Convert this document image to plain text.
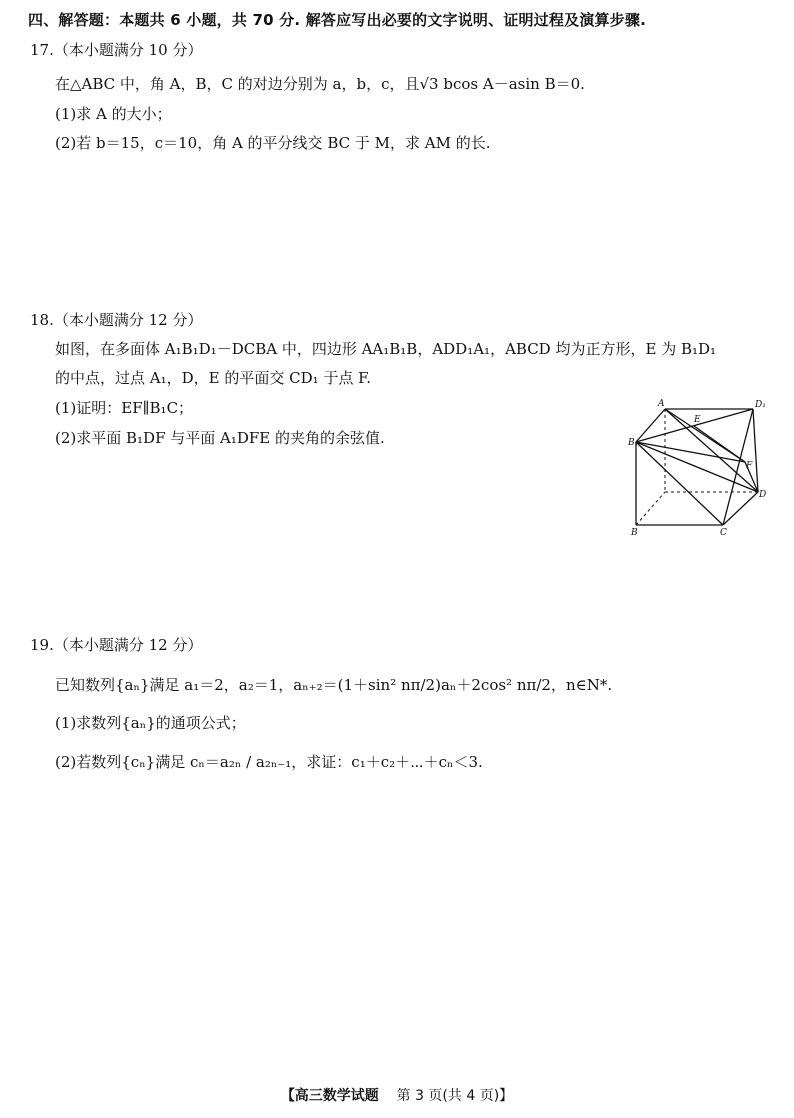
四、解答题：本题共 6 小题，共 70 分. 解答应写出必要的文字说明、证明过程及演算步骤.
17.（本小题满分 10 分）
在△ABC 中，角 A，B，C 的对边分别为 a，b，c，且√3 bcos A－asin B＝0.
(1)求 A 的大小；
(2)若 b＝15，c＝10，角 A 的平分线交 BC 于 M，求 AM 的长.
18.（本小题满分 12 分）
如图，在多面体 A₁B₁D₁－DCBA 中，四边形 AA₁B₁B，ADD₁A₁，ABCD 均为正方形，E 为 B₁D₁
的中点，过点 A₁，D，E 的平面交 CD₁ 于点 F.
(1)证明：EF∥B₁C；
(2)求平面 B₁DF 与平面 A₁DFE 的夹角的余弦值.
A	D₁
B₁
E
F
D
B	C
19.（本小题满分 12 分）
已知数列{aₙ}满足 a₁＝2，a₂＝1，aₙ₊₂＝(1＋sin² nπ/2)aₙ＋2cos² nπ/2，n∈N*.
(1)求数列{aₙ}的通项公式；
(2)若数列{cₙ}满足 cₙ＝a₂ₙ / a₂ₙ₋₁，求证：c₁＋c₂＋⋯＋cₙ＜3.
【高三数学试题 第 3 页(共 4 页)】
